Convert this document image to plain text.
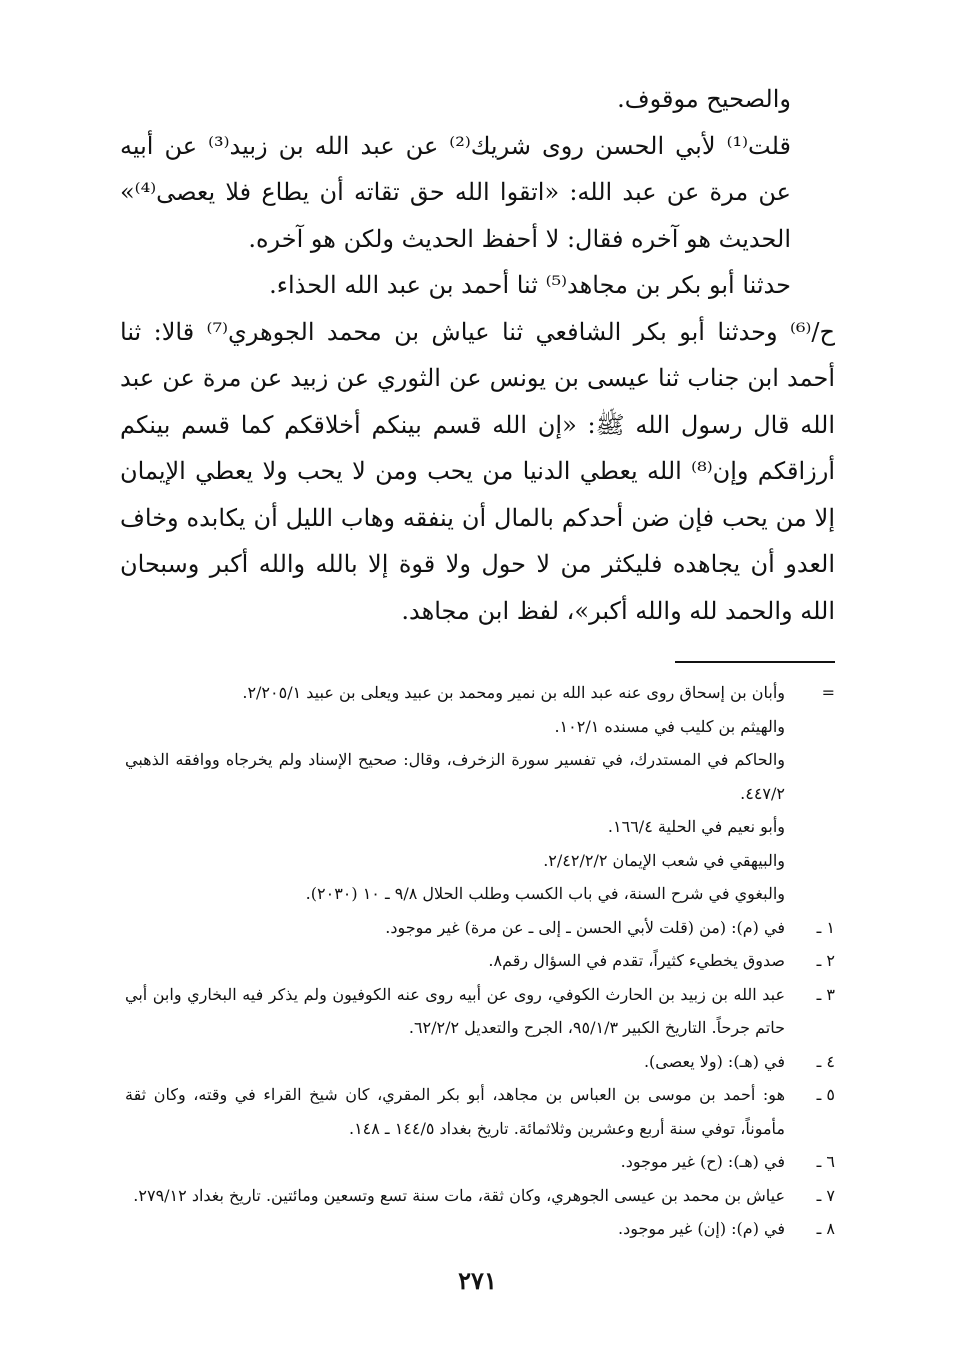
والصحيح موقوف.

قلت⁽¹⁾ لأبي الحسن روى شريك⁽²⁾ عن عبد الله بن زبيد⁽³⁾ عن أبيه عن مرة عن عبد الله: «اتقوا الله حق تقاته أن يطاع فلا يعصى⁽⁴⁾» الحديث هو آخره فقال: لا أحفظ الحديث ولكن هو آخره.

حدثنا أبو بكر بن مجاهد⁽⁵⁾ ثنا أحمد بن عبد الله الحذاء.

ح/⁽⁶⁾ وحدثنا أبو بكر الشافعي ثنا عياش بن محمد الجوهري⁽⁷⁾ قالا: ثنا أحمد ابن جناب ثنا عيسى بن يونس عن الثوري عن زبيد عن مرة عن عبد الله قال رسول الله ﷺ: «إن الله قسم بينكم أخلاقكم كما قسم بينكم أرزاقكم وإن⁽⁸⁾ الله يعطي الدنيا من يحب ومن لا يحب ولا يعطي الإيمان إلا من يحب فإن ضن أحدكم بالمال أن ينفقه وهاب الليل أن يكابده وخاف العدو أن يجاهده فليكثر من لا حول ولا قوة إلا بالله والله أكبر وسبحان الله والحمد لله والله أكبر»، لفظ ابن مجاهد.

=
وأبان بن إسحاق روى عنه عبد الله بن نمير ومحمد بن عبيد ويعلى بن عبيد ٢/٢٠٥/١.
والهيثم بن كليب في مسنده ١٠٢/١.
والحاكم في المستدرك، في تفسير سورة الزخرف، وقال: صحيح الإسناد ولم يخرجاه ووافقه الذهبي ٤٤٧/٢.
وأبو نعيم في الحلية ١٦٦/٤.
والبيهقي في شعب الإيمان ٢/٤٢/٢/٢.
والبغوي في شرح السنة، في باب الكسب وطلب الحلال ٩/٨ ـ ١٠ (٢٠٣٠).
١ ـ
في (م): (من (قلت لأبي الحسن ـ إلى ـ عن مرة) غير موجود.
٢ ـ
صدوق يخطيء كثيراً، تقدم في السؤال رقم٨.
٣ ـ
عبد الله بن زبيد بن الحارث الكوفي، روى عن أبيه روى عنه الكوفيون ولم يذكر فيه البخاري وابن أبي حاتم جرحاً. التاريخ الكبير ٩٥/١/٣، الجرح والتعديل ٦٢/٢/٢.
٤ ـ
في (هـ): (ولا يعصى).
٥ ـ
هو: أحمد بن موسى بن العباس بن مجاهد، أبو بكر المقري، كان شيخ القراء في وقته، وكان ثقة مأموناً، توفي سنة أربع وعشرين وثلاثمائة. تاريخ بغداد ١٤٤/٥ ـ ١٤٨.
٦ ـ
في (هـ): (ح) غير موجود.
٧ ـ
عياش بن محمد بن عيسى الجوهري، وكان ثقة، مات سنة تسع وتسعين ومائتين. تاريخ بغداد ٢٧٩/١٢.
٨ ـ
في (م): (إن) غير موجود.
٢٧١
